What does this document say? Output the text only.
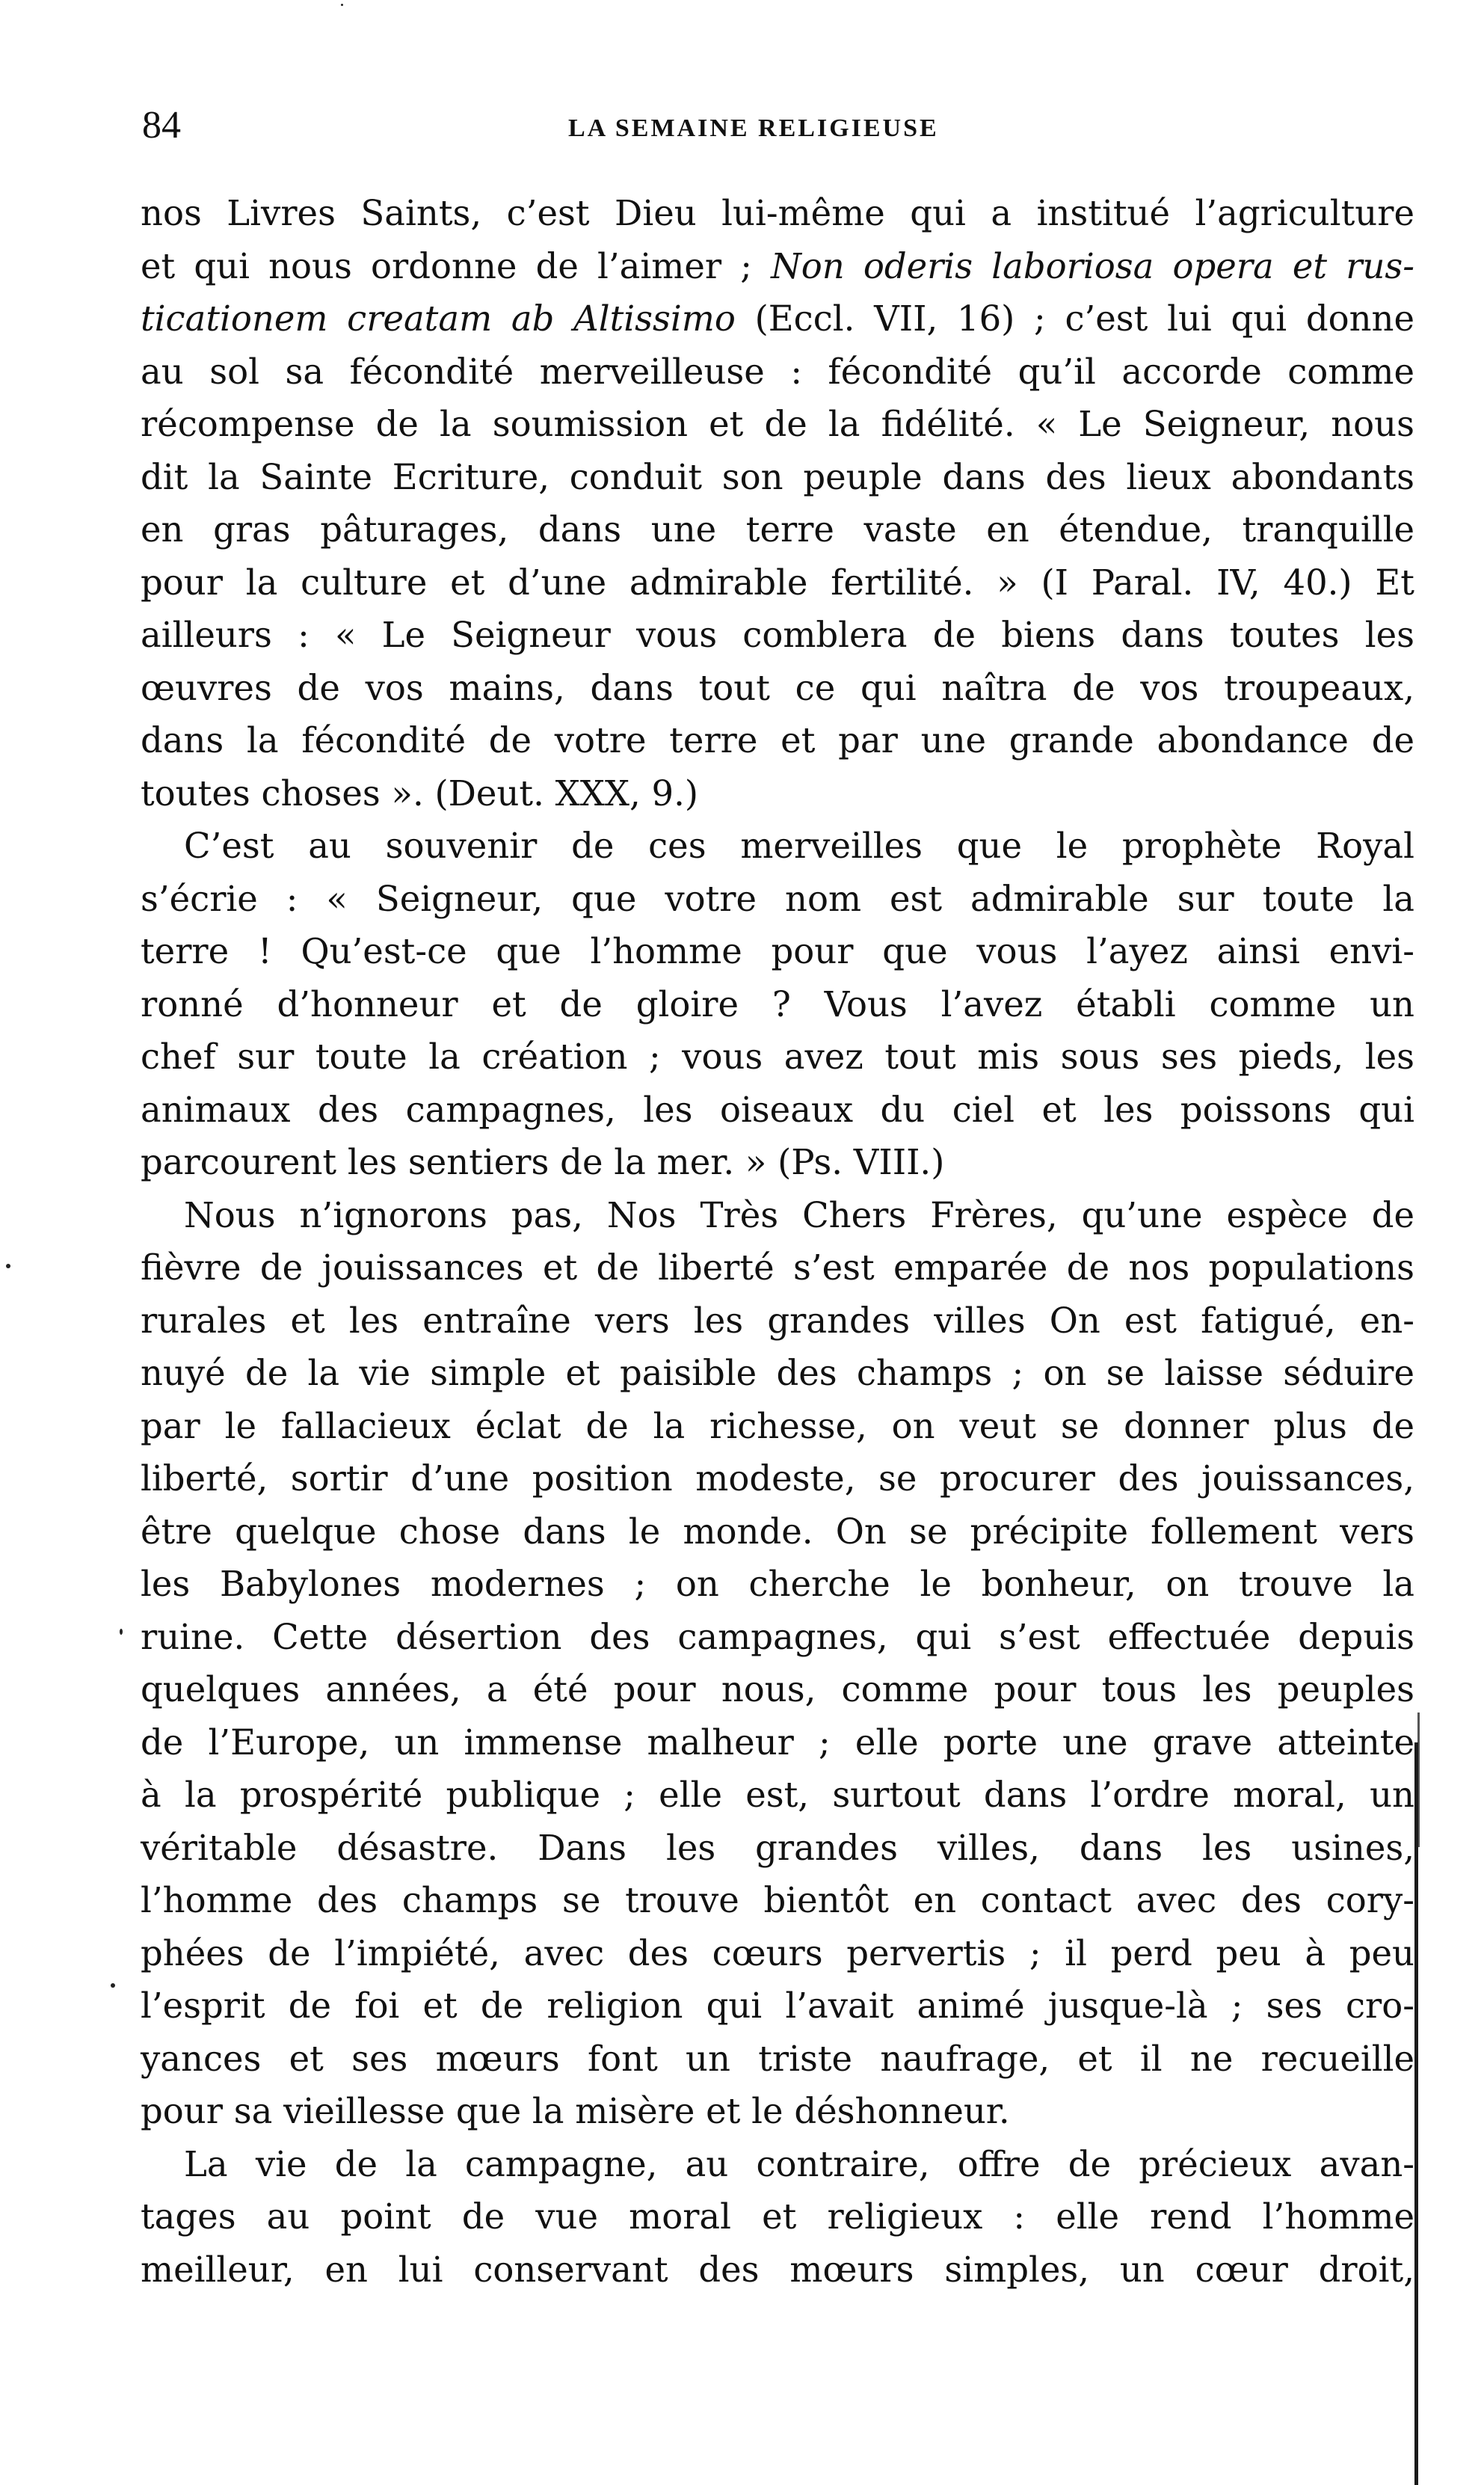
84	LA SEMAINE RELIGIEUSE
nos Livres Saints, c’est Dieu lui-même qui a institué l’agriculture
et qui nous ordonne de l’aimer ; Non oderis laboriosa opera et rus-
ticationem creatam ab Altissimo (Eccl. VII, 16) ; c’est lui qui donne
au sol sa fécondité merveilleuse : fécondité qu’il accorde comme
récompense de la soumission et de la fidélité. « Le Seigneur, nous
dit la Sainte Ecriture, conduit son peuple dans des lieux abondants
en gras pâturages, dans une terre vaste en étendue, tranquille
pour la culture et d’une admirable fertilité. » (I Paral. IV, 40.) Et
ailleurs : « Le Seigneur vous comblera de biens dans toutes les
œuvres de vos mains, dans tout ce qui naîtra de vos troupeaux,
dans la fécondité de votre terre et par une grande abondance de
toutes choses ». (Deut. XXX, 9.)
C’est au souvenir de ces merveilles que le prophète Royal
s’écrie : « Seigneur, que votre nom est admirable sur toute la
terre ! Qu’est-ce que l’homme pour que vous l’ayez ainsi envi-
ronné d’honneur et de gloire ? Vous l’avez établi comme un
chef sur toute la création ; vous avez tout mis sous ses pieds, les
animaux des campagnes, les oiseaux du ciel et les poissons qui
parcourent les sentiers de la mer. » (Ps. VIII.)
Nous n’ignorons pas, Nos Très Chers Frères, qu’une espèce de
fièvre de jouissances et de liberté s’est emparée de nos populations
rurales et les entraîne vers les grandes villes On est fatigué, en-
nuyé de la vie simple et paisible des champs ; on se laisse séduire
par le fallacieux éclat de la richesse, on veut se donner plus de
liberté, sortir d’une position modeste, se procurer des jouissances,
être quelque chose dans le monde. On se précipite follement vers
les Babylones modernes ; on cherche le bonheur, on trouve la
ruine. Cette désertion des campagnes, qui s’est effectuée depuis
quelques années, a été pour nous, comme pour tous les peuples
de l’Europe, un immense malheur ; elle porte une grave atteinte
à la prospérité publique ; elle est, surtout dans l’ordre moral, un
véritable désastre. Dans les grandes villes, dans les usines,
l’homme des champs se trouve bientôt en contact avec des cory-
phées de l’impiété, avec des cœurs pervertis ; il perd peu à peu
l’esprit de foi et de religion qui l’avait animé jusque-là ; ses cro-
yances et ses mœurs font un triste naufrage, et il ne recueille
pour sa vieillesse que la misère et le déshonneur.
La vie de la campagne, au contraire, offre de précieux avan-
tages au point de vue moral et religieux : elle rend l’homme
meilleur, en lui conservant des mœurs simples, un cœur droit,
